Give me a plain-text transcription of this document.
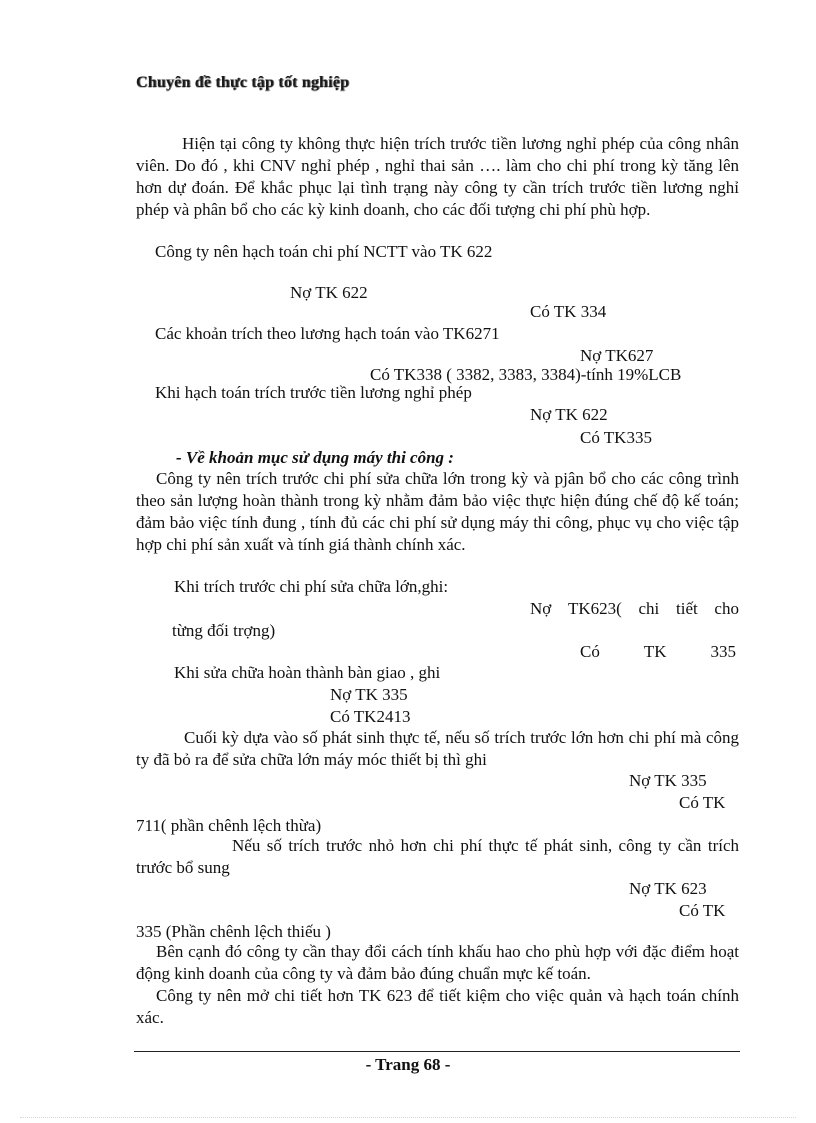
Chuyên đề thực tập tốt nghiệp
Hiện tại công ty không thực hiện trích trước tiền lương nghỉ phép của công nhân viên. Do đó , khi CNV nghỉ phép , nghỉ thai sản …. làm cho chi phí trong kỳ tăng lên hơn dự đoán. Để khắc phục lại tình trạng này công ty cần trích trước tiền lương nghỉ phép và phân bổ cho các kỳ kinh doanh, cho các đối tượng chi phí phù hợp.
Công ty nên hạch toán chi phí NCTT vào TK 622
Nợ TK 622
Có TK 334
Các khoản trích theo lương hạch toán vào TK6271
Nợ TK627
Có TK338 ( 3382, 3383, 3384)-tính 19%LCB
Khi hạch toán trích trước tiền lương nghỉ phép
Nợ TK 622
Có TK335
- Về khoản mục sử dụng máy thi công :
Công ty nên trích trước chi phí sửa chữa lớn trong kỳ và pjân bổ cho các công trình theo sản lượng hoàn thành trong kỳ nhằm đảm bảo việc thực hiện đúng chế độ kế toán; đảm bảo việc tính đung , tính đủ các chi phí sử dụng máy thi công, phục vụ cho việc tập hợp chi phí sản xuất và tính giá thành chính xác.
Khi trích trước chi phí sửa chữa lớn,ghi:
Nợ TK623( chi tiết cho
từng đối trợng)
Có	TK	335
Khi sửa chữa hoàn thành bàn giao , ghi
Nợ TK 335
Có TK2413
Cuối kỳ dựa vào số phát sinh thực tế, nếu số trích trước lớn hơn chi phí mà công ty đã bỏ ra để sửa chữa lớn máy móc thiết bị thì ghi
Nợ TK 335
Có TK
711( phần chênh lệch thừa)
Nếu số trích trước nhỏ hơn chi phí thực tế phát sinh, công ty cần trích trước bổ sung
Nợ TK 623
Có TK
335 (Phần chênh lệch thiếu )
Bên cạnh đó công ty cần thay đổi cách tính khấu hao cho phù hợp với đặc điểm hoạt động kinh doanh của công ty và đảm bảo đúng chuẩn mực kế toán.
Công ty nên mở chi tiết hơn TK 623 để tiết kiệm cho việc quản và hạch toán chính xác.
- Trang 68 -
